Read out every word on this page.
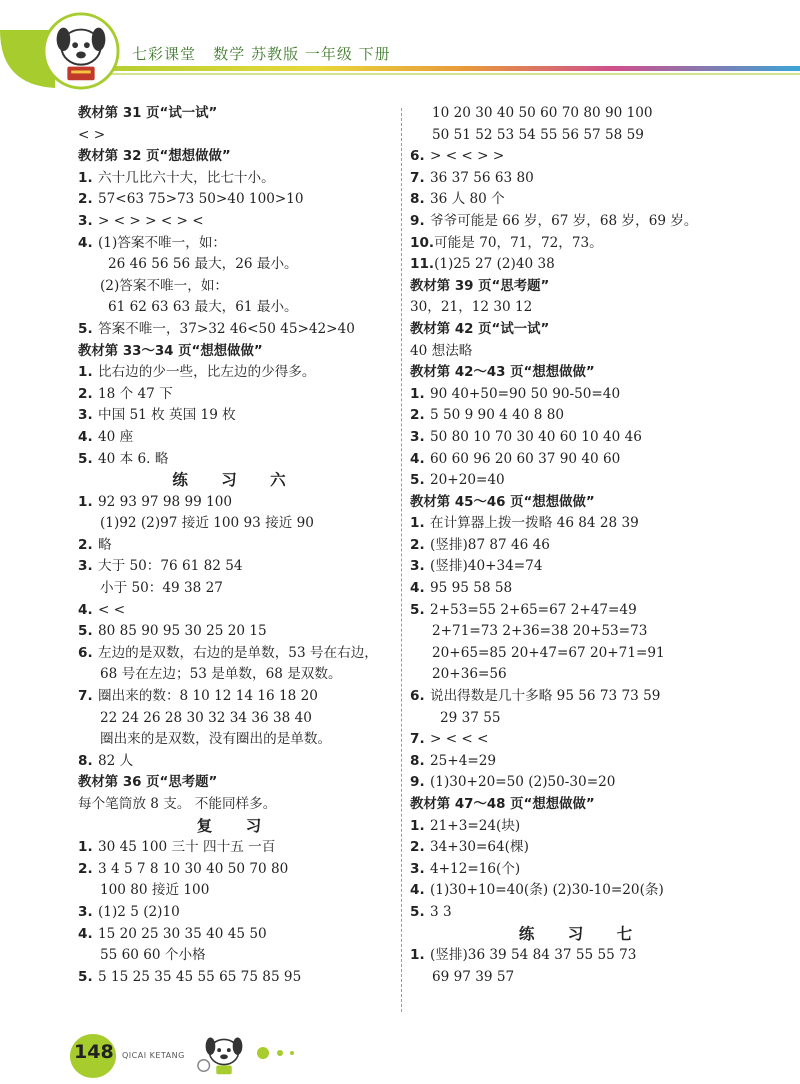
七彩课堂   数学 苏教版 一年级 下册
教材第 31 页“试一试”
< >
教材第 32 页“想想做做”
1. 六十几比六十大，比七十小。
2. 57<63 75>73 50>40 100>10
3. > < > > < > <
4. (1)答案不唯一，如：
26 46 56 56 最大，26 最小。
(2)答案不唯一，如：
61 62 63 63 最大，61 最小。
5. 答案不唯一，37>32 46<50 45>42>40
教材第 33～34 页“想想做做”
1. 比右边的少一些，比左边的少得多。
2. 18 个 47 下
3. 中国 51 枚 英国 19 枚
4. 40 座
5. 40 本 6. 略
练 习 六
1. 92 93 97 98 99 100
(1)92 (2)97 接近 100 93 接近 90
2. 略
3. 大于 50：76 61 82 54
小于 50：49 38 27
4. < <
5. 80 85 90 95 30 25 20 15
6. 左边的是双数，右边的是单数，53 号在右边，
68 号在左边；53 是单数，68 是双数。
7. 圈出来的数：8 10 12 14 16 18 20
22 24 26 28 30 32 34 36 38 40
圈出来的是双数，没有圈出的是单数。
8. 82 人
教材第 36 页“思考题”
每个笔筒放 8 支。 不能同样多。
复 习
1. 30 45 100 三十 四十五 一百
2. 3 4 5 7 8 10 30 40 50 70 80
100 80 接近 100
3. (1)2 5 (2)10
4. 15 20 25 30 35 40 45 50
55 60 60 个小格
5. 5 15 25 35 45 55 65 75 85 95
10 20 30 40 50 60 70 80 90 100
50 51 52 53 54 55 56 57 58 59
6. > < < > >
7. 36 37 56 63 80
8. 36 人 80 个
9. 爷爷可能是 66 岁，67 岁，68 岁，69 岁。
10.可能是 70，71，72，73。
11.(1)25 27 (2)40 38
教材第 39 页“思考题”
30，21，12 30 12
教材第 42 页“试一试”
40 想法略
教材第 42～43 页“想想做做”
1. 90 40+50=90 50 90-50=40
2. 5 50 9 90 4 40 8 80
3. 50 80 10 70 30 40 60 10 40 46
4. 60 60 96 20 60 37 90 40 60
5. 20+20=40
教材第 45～46 页“想想做做”
1. 在计算器上拨一拨略 46 84 28 39
2. (竖排)87 87 46 46
3. (竖排)40+34=74
4. 95 95 58 58
5. 2+53=55 2+65=67 2+47=49
2+71=73 2+36=38 20+53=73
20+65=85 20+47=67 20+71=91
20+36=56
6. 说出得数是几十多略 95 56 73 73 59
29 37 55
7. > < < <
8. 25+4=29
9. (1)30+20=50 (2)50-30=20
教材第 47～48 页“想想做做”
1. 21+3=24(块)
2. 34+30=64(棵)
3. 4+12=16(个)
4. (1)30+10=40(条) (2)30-10=20(条)
5. 3 3
练 习 七
1. (竖排)36 39 54 84 37 55 55 73
69 97 39 57
148 QICAI KETANG
